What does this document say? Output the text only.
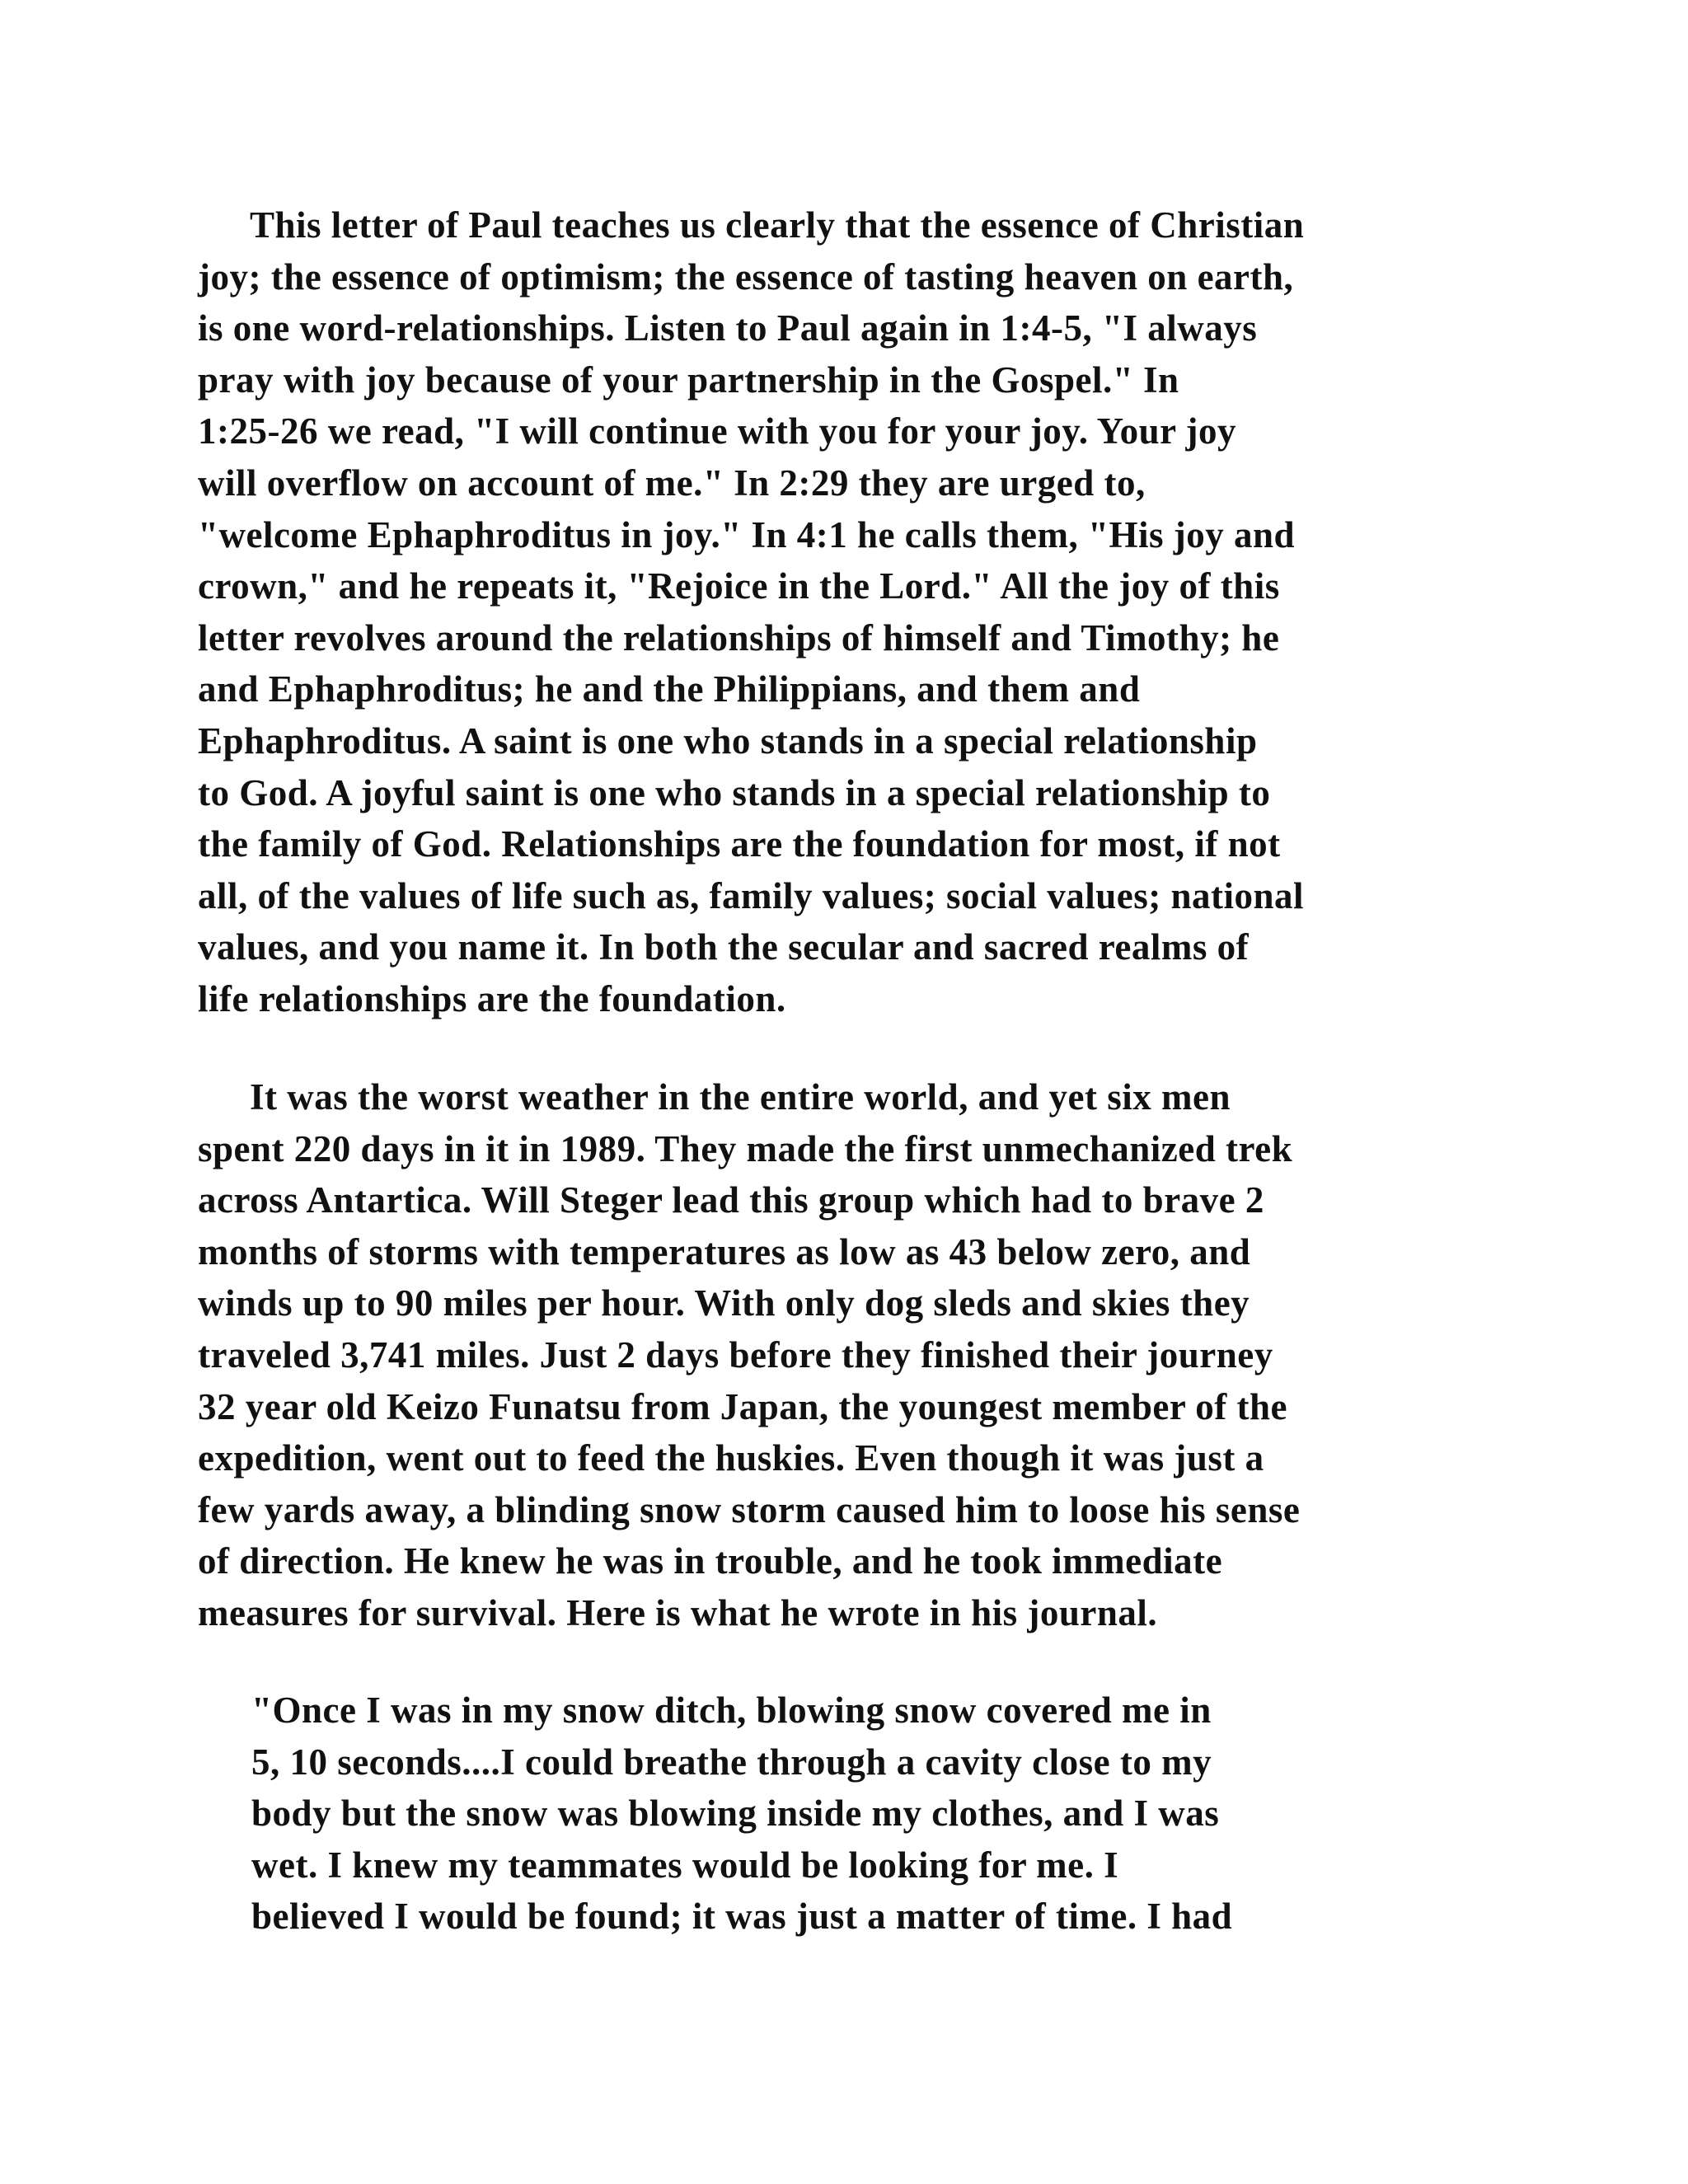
This letter of Paul teaches us clearly that the essence of Christian
joy; the essence of optimism; the essence of tasting heaven on earth,
is one word-relationships. Listen to Paul again in 1:4-5, "I always
pray with joy because of your partnership in the Gospel." In
1:25-26 we read, "I will continue with you for your joy. Your joy
will overflow on account of me." In 2:29 they are urged to,
"welcome Ephaphroditus in joy." In 4:1 he calls them, "His joy and
crown," and he repeats it, "Rejoice in the Lord." All the joy of this
letter revolves around the relationships of himself and Timothy; he
and Ephaphroditus; he and the Philippians, and them and
Ephaphroditus. A saint is one who stands in a special relationship
to God. A joyful saint is one who stands in a special relationship to
the family of God. Relationships are the foundation for most, if not
all, of the values of life such as, family values; social values; national
values, and you name it. In both the secular and sacred realms of
life relationships are the foundation.
It was the worst weather in the entire world, and yet six men
spent 220 days in it in 1989. They made the first unmechanized trek
across Antartica. Will Steger lead this group which had to brave 2
months of storms with temperatures as low as 43 below zero, and
winds up to 90 miles per hour. With only dog sleds and skies they
traveled 3,741 miles. Just 2 days before they finished their journey
32 year old Keizo Funatsu from Japan, the youngest member of the
expedition, went out to feed the huskies. Even though it was just a
few yards away, a blinding snow storm caused him to loose his sense
of direction. He knew he was in trouble, and he took immediate
measures for survival. Here is what he wrote in his journal.
"Once I was in my snow ditch, blowing snow covered me in
5, 10 seconds....I could breathe through a cavity close to my
body but the snow was blowing inside my clothes, and I was
wet. I knew my teammates would be looking for me. I
believed I would be found; it was just a matter of time. I had
